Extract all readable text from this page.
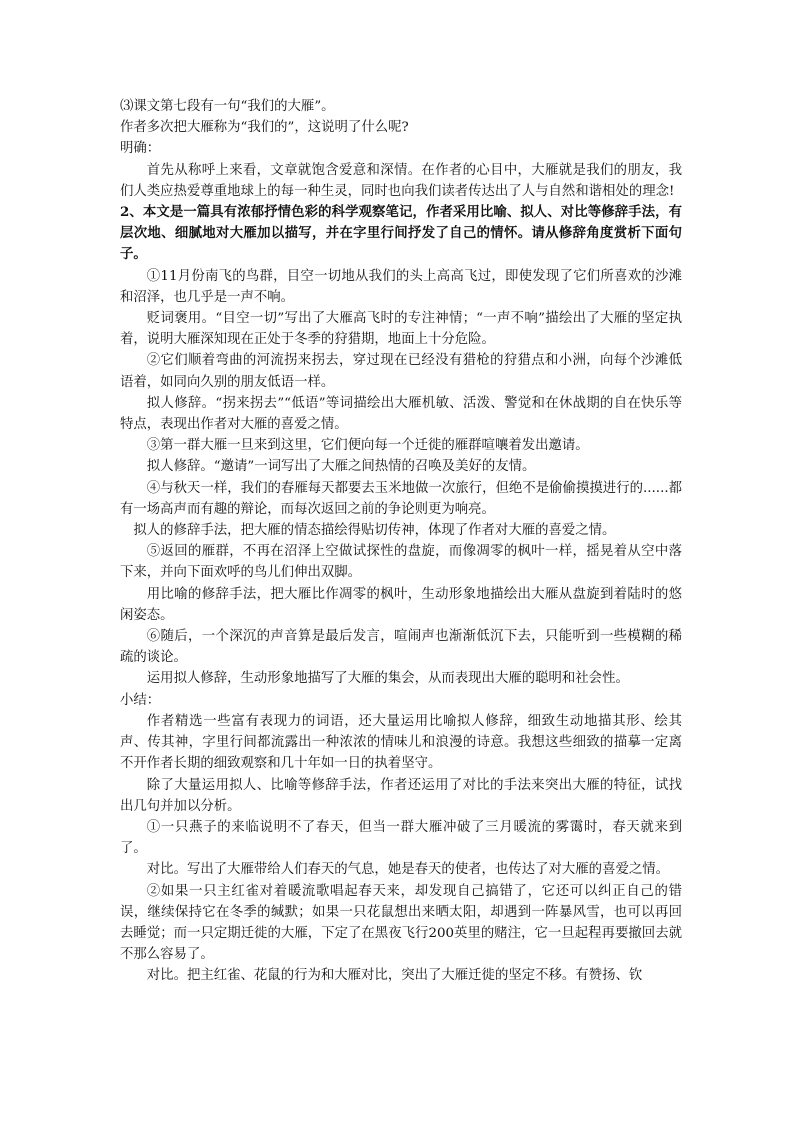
⑶课文第七段有一句“我们的大雁”。

作者多次把大雁称为“我们的”，这说明了什么呢?

明确：

首先从称呼上来看，文章就饱含爱意和深情。在作者的心目中，大雁就是我们的朋友，我们人类应热爱尊重地球上的每一种生灵，同时也向我们读者传达出了人与自然和谐相处的理念!

2、本文是一篇具有浓郁抒情色彩的科学观察笔记，作者采用比喻、拟人、对比等修辞手法，有层次地、细腻地对大雁加以描写，并在字里行间抒发了自己的情怀。请从修辞角度赏析下面句子。

①11月份南飞的鸟群，目空一切地从我们的头上高高飞过，即使发现了它们所喜欢的沙滩和沼泽，也几乎是一声不响。

贬词褒用。“目空一切”写出了大雁高飞时的专注神情；“一声不响”描绘出了大雁的坚定执着，说明大雁深知现在正处于冬季的狩猎期，地面上十分危险。

②它们顺着弯曲的河流拐来拐去，穿过现在已经没有猎枪的狩猎点和小洲，向每个沙滩低语着，如同向久别的朋友低语一样。

拟人修辞。“拐来拐去”“低语”等词描绘出大雁机敏、活泼、警觉和在休战期的自在快乐等特点，表现出作者对大雁的喜爱之情。

③第一群大雁一旦来到这里，它们便向每一个迁徙的雁群喧嚷着发出邀请。

拟人修辞。“邀请”一词写出了大雁之间热情的召唤及美好的友情。

④与秋天一样，我们的春雁每天都要去玉米地做一次旅行，但绝不是偷偷摸摸进行的......都有一场高声而有趣的辩论，而每次返回之前的争论则更为响亮。

拟人的修辞手法，把大雁的情态描绘得贴切传神，体现了作者对大雁的喜爱之情。

⑤返回的雁群，不再在沼泽上空做试探性的盘旋，而像凋零的枫叶一样，摇晃着从空中落下来，并向下面欢呼的鸟儿们伸出双脚。

用比喻的修辞手法，把大雁比作凋零的枫叶，生动形象地描绘出大雁从盘旋到着陆时的悠闲姿态。

⑥随后，一个深沉的声音算是最后发言，喧闹声也渐渐低沉下去，只能听到一些模糊的稀疏的谈论。

运用拟人修辞，生动形象地描写了大雁的集会，从而表现出大雁的聪明和社会性。

小结：

作者精选一些富有表现力的词语，还大量运用比喻拟人修辞，细致生动地描其形、绘其声、传其神，字里行间都流露出一种浓浓的情味儿和浪漫的诗意。我想这些细致的描摹一定离不开作者长期的细致观察和几十年如一日的执着坚守。

除了大量运用拟人、比喻等修辞手法，作者还运用了对比的手法来突出大雁的特征，试找出几句并加以分析。

①一只燕子的来临说明不了春天，但当一群大雁冲破了三月暖流的雾霭时，春天就来到了。

对比。写出了大雁带给人们春天的气息，她是春天的使者，也传达了对大雁的喜爱之情。

②如果一只主红雀对着暖流歌唱起春天来，却发现自己搞错了，它还可以纠正自己的错误，继续保持它在冬季的缄默；如果一只花鼠想出来晒太阳，却遇到一阵暴风雪，也可以再回去睡觉；而一只定期迁徙的大雁，下定了在黑夜飞行200英里的赌注，它一旦起程再要撤回去就不那么容易了。

对比。把主红雀、花鼠的行为和大雁对比，突出了大雁迁徙的坚定不移。有赞扬、钦
